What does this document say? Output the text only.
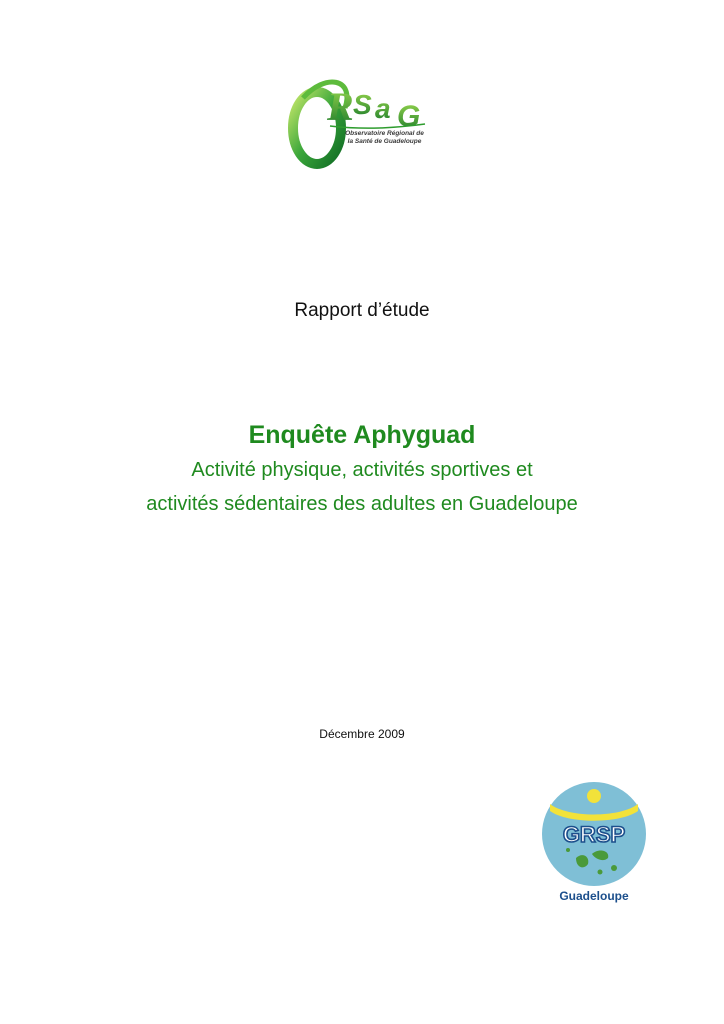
R S a G
Observatoire Régional de
la Santé de Guadeloupe
Rapport d’étude
Enquête Aphyguad
Activité physique, activités sportives et
activités sédentaires des adultes en Guadeloupe
Décembre 2009
GRSP
Guadeloupe
